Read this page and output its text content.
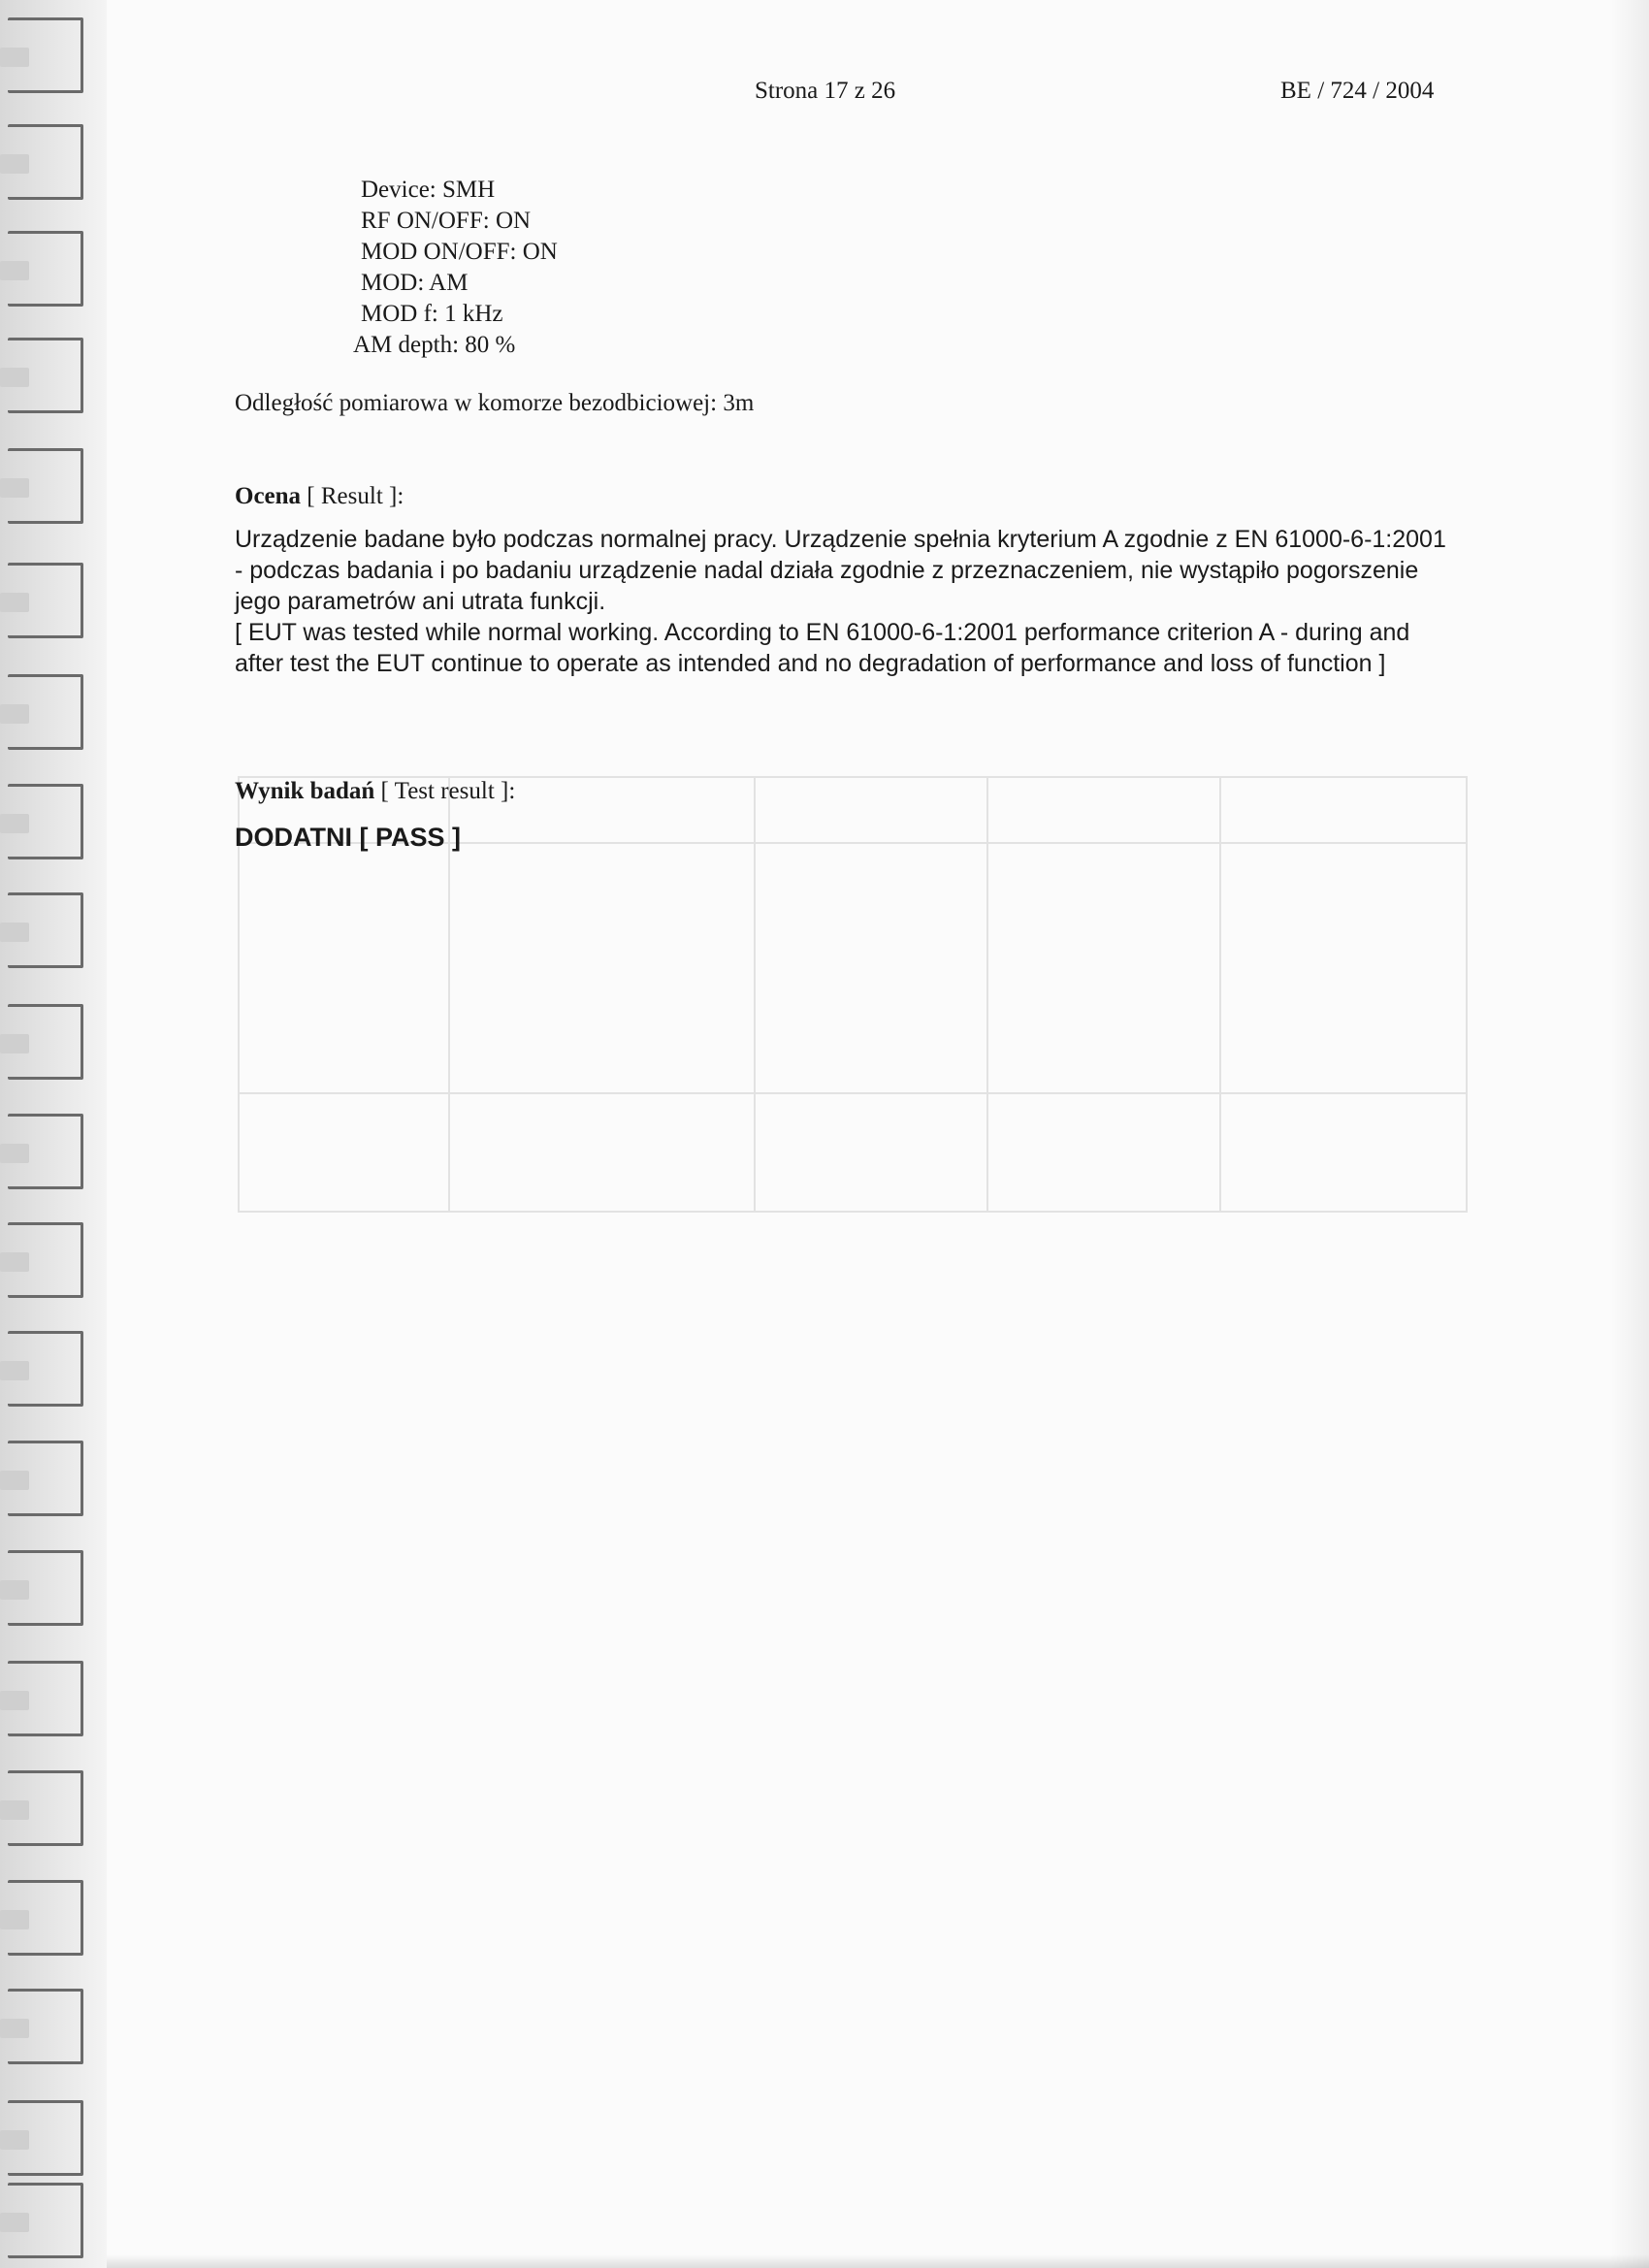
Strona 17 z 26	BE / 724 / 2004
Device: SMH
RF ON/OFF: ON
MOD ON/OFF: ON
MOD: AM
MOD f: 1 kHz
AM depth: 80 %
Odległość pomiarowa w komorze bezodbiciowej: 3m
Ocena [ Result ]:

Urządzenie badane było podczas normalnej pracy. Urządzenie spełnia kryterium A zgodnie z EN 61000-6-1:2001 - podczas badania i po badaniu urządzenie nadal działa zgodnie z przeznaczeniem, nie wystąpiło pogorszenie jego parametrów ani utrata funkcji.

[ EUT was tested while normal working. According to EN 61000-6-1:2001 performance criterion A - during and after test the EUT continue to operate as intended and no degradation of performance and loss of function ]

Wynik badań [ Test result ]:
DODATNI [ PASS ]
